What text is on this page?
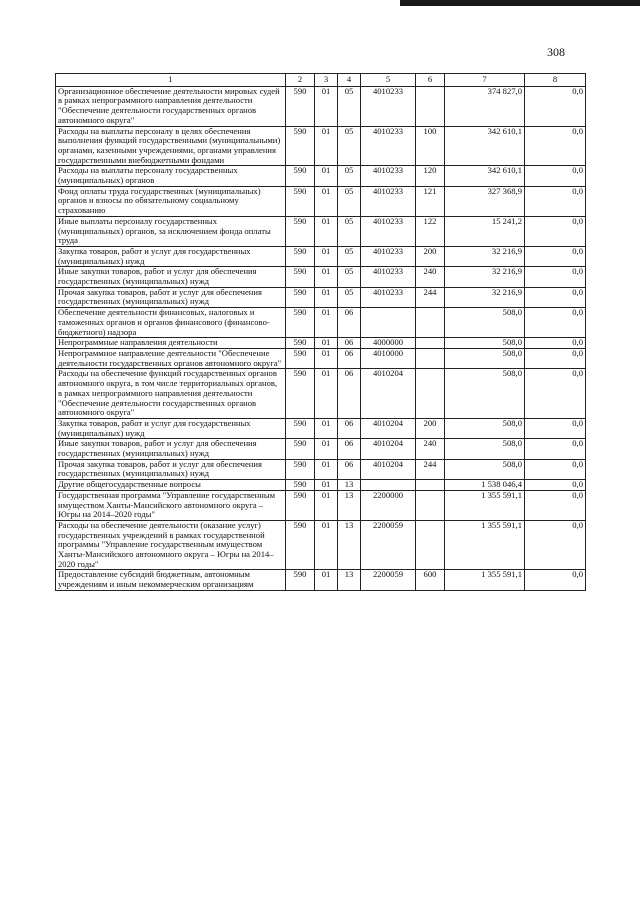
308
1	2	3	4	5	6	7	8
Организационное обеспечение деятельности мировых судей в рамках непрограммного направления деятельности "Обеспечение деятельности государственных органов автономного округа"	590	01	05	4010233		374 827,0	0,0
Расходы на выплаты персоналу в целях обеспечения выполнения функций государственными (муниципальными) органами, казенными учреждениями, органами управления государственными внебюджетными фондами	590	01	05	4010233	100	342 610,1	0,0
Расходы на выплаты персоналу государственных (муниципальных) органов	590	01	05	4010233	120	342 610,1	0,0
Фонд оплаты труда государственных (муниципальных) органов и взносы по обязательному социальному страхованию	590	01	05	4010233	121	327 368,9	0,0
Иные выплаты персоналу государственных (муниципальных) органов, за исключением фонда оплаты труда	590	01	05	4010233	122	15 241,2	0,0
Закупка товаров, работ и услуг для государственных (муниципальных) нужд	590	01	05	4010233	200	32 216,9	0,0
Иные закупки товаров, работ и услуг для обеспечения государственных (муниципальных) нужд	590	01	05	4010233	240	32 216,9	0,0
Прочая закупка товаров, работ и услуг для обеспечения государственных (муниципальных) нужд	590	01	05	4010233	244	32 216,9	0,0
Обеспечение деятельности финансовых, налоговых и таможенных органов и органов финансового (финансово-бюджетного) надзора	590	01	06			508,0	0,0
Непрограммные направления деятельности	590	01	06	4000000		508,0	0,0
Непрограммное направление деятельности "Обеспечение деятельности государственных органов автономного округа"	590	01	06	4010000		508,0	0,0
Расходы на обеспечение функций государственных органов автономного округа, в том числе территориальных органов, в рамках непрограммного направления деятельности "Обеспечение деятельности государственных органов автономного округа"	590	01	06	4010204		508,0	0,0
Закупка товаров, работ и услуг для государственных (муниципальных) нужд	590	01	06	4010204	200	508,0	0,0
Иные закупки товаров, работ и услуг для обеспечения государственных (муниципальных) нужд	590	01	06	4010204	240	508,0	0,0
Прочая закупка товаров, работ и услуг для обеспечения государственных (муниципальных) нужд	590	01	06	4010204	244	508,0	0,0
Другие общегосударственные вопросы	590	01	13			1 538 046,4	0,0
Государственная программа "Управление государственным имуществом Ханты-Мансийского автономного округа – Югры на 2014–2020 годы"	590	01	13	2200000		1 355 591,1	0,0
Расходы на обеспечение деятельности (оказание услуг) государственных учреждений в рамках государственной программы "Управление государственным имуществом Ханты-Мансийского автономного округа – Югры на 2014–2020 годы"	590	01	13	2200059		1 355 591,1	0,0
Предоставление субсидий бюджетным, автономным учреждениям и иным некоммерческим организациям	590	01	13	2200059	600	1 355 591,1	0,0
